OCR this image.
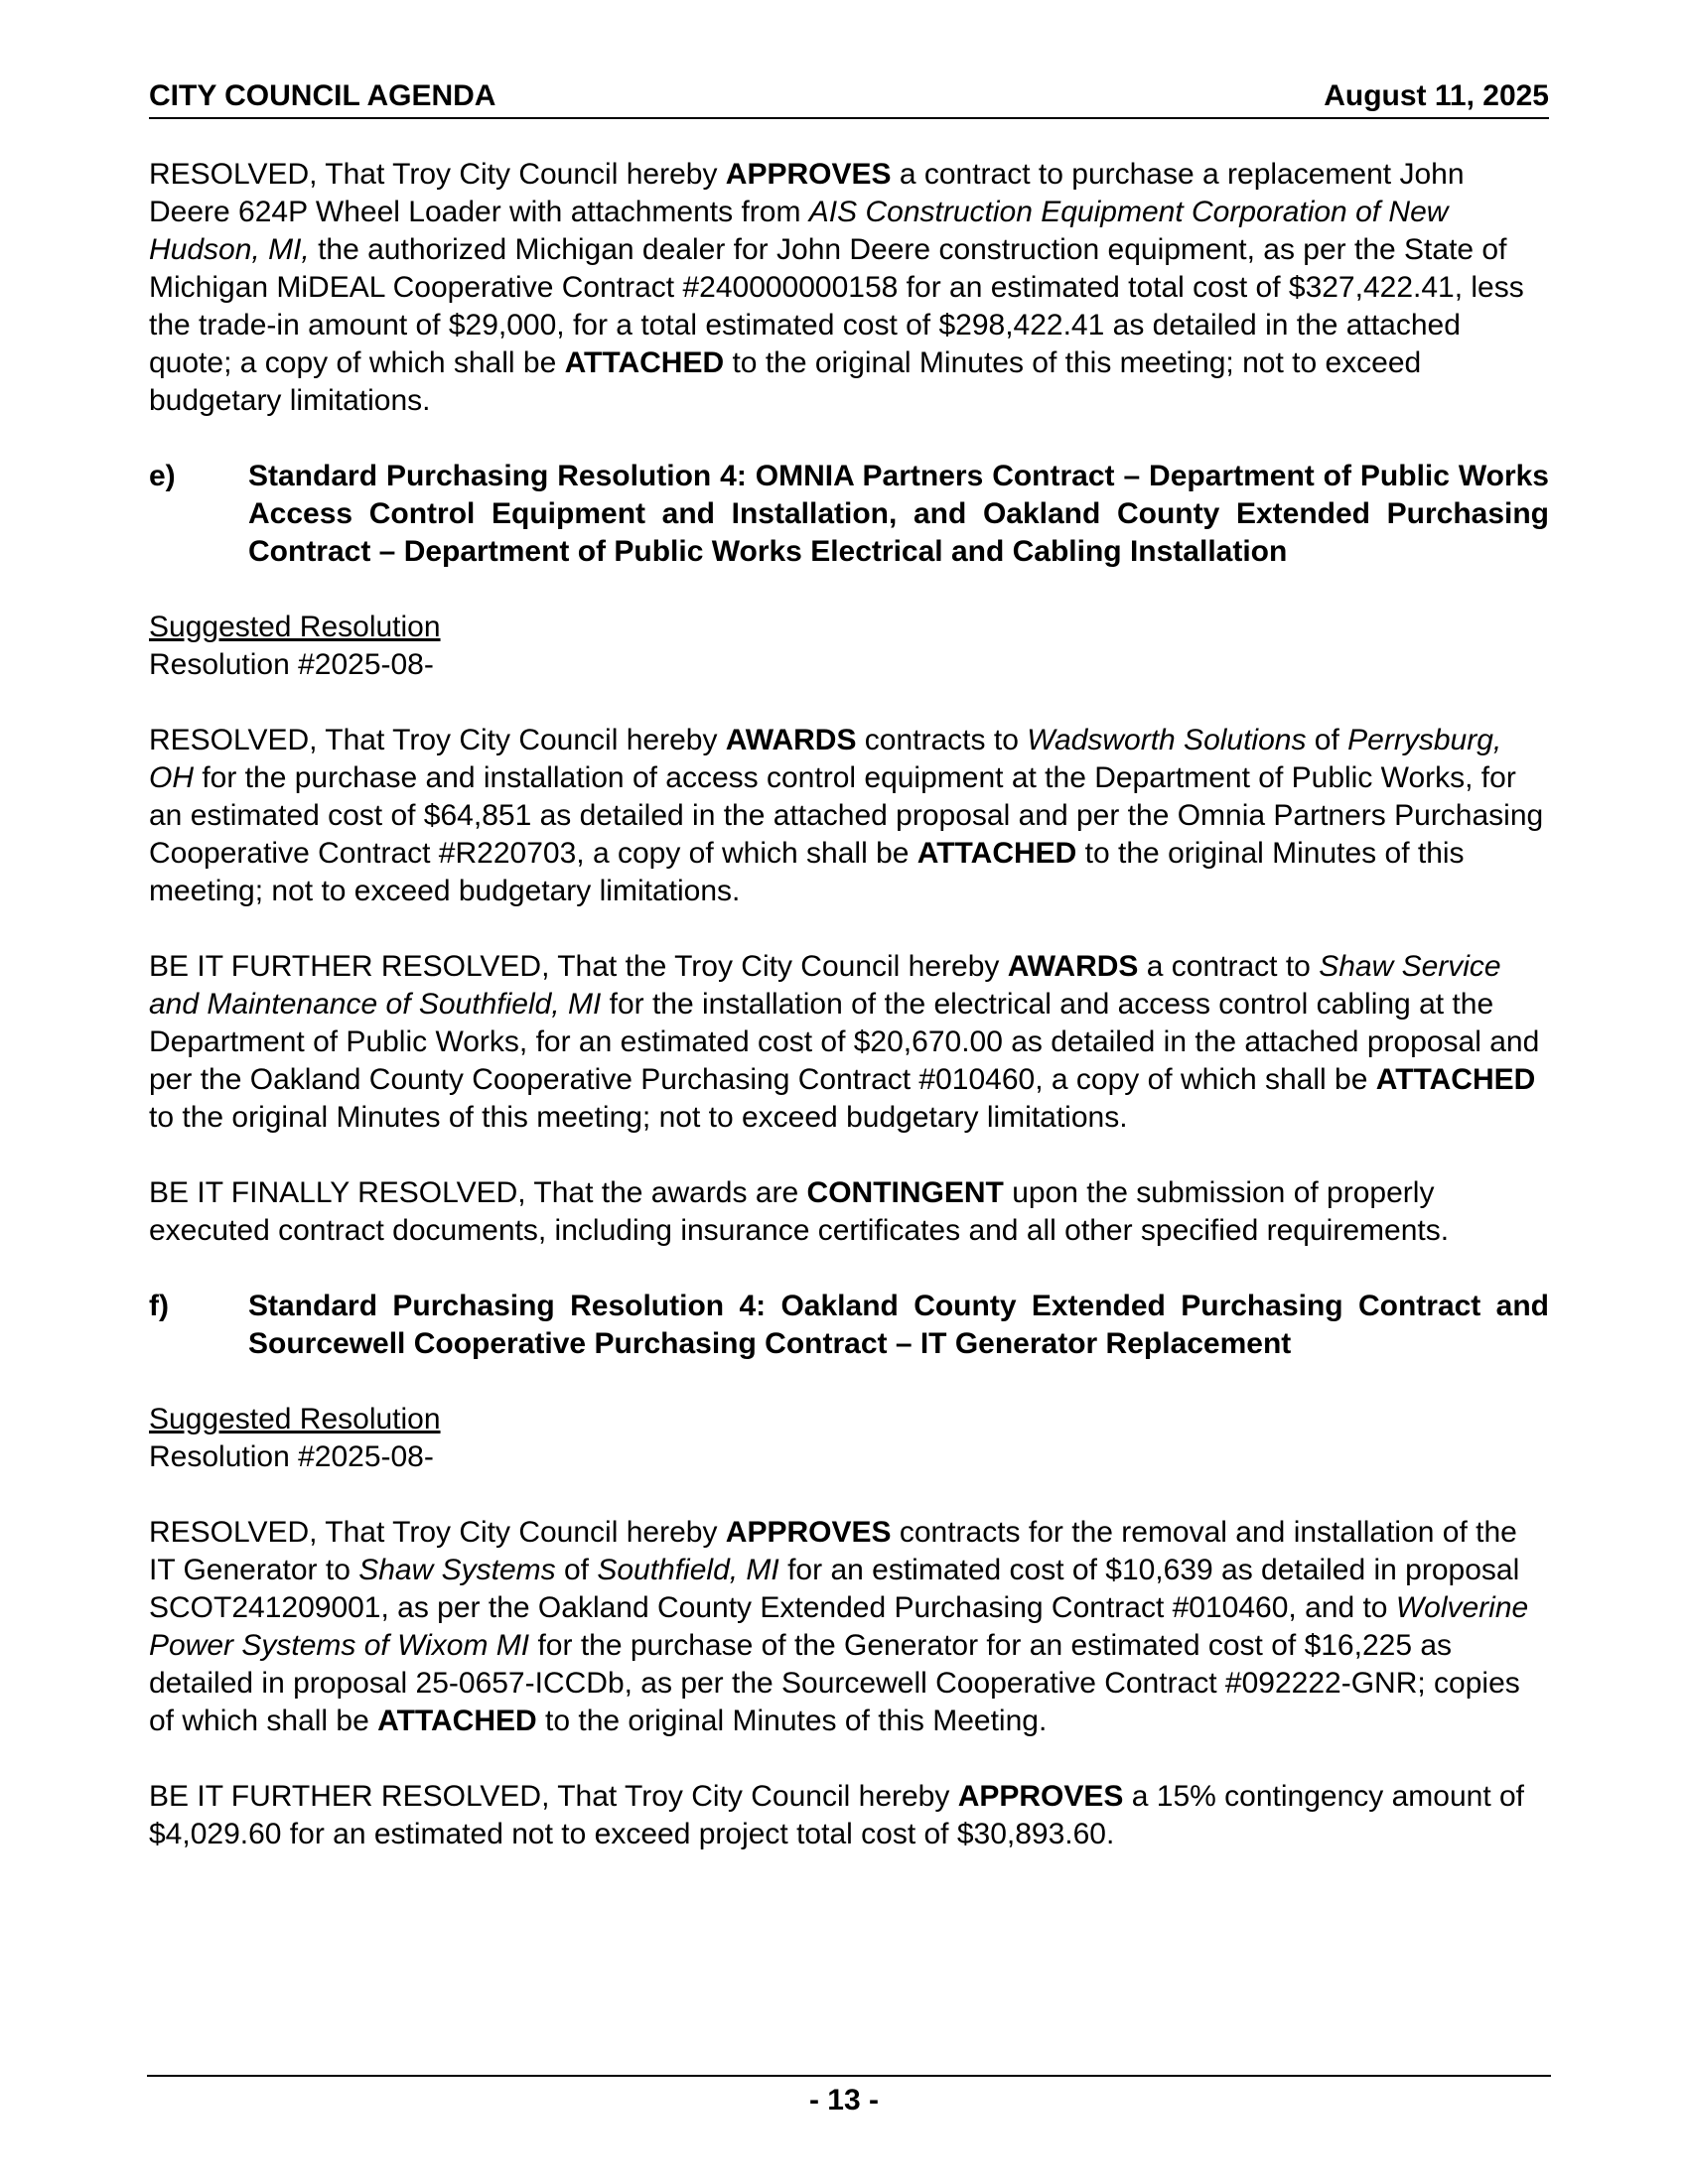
CITY COUNCIL AGENDA	August 11, 2025

RESOLVED, That Troy City Council hereby APPROVES a contract to purchase a replacement John Deere 624P Wheel Loader with attachments from AIS Construction Equipment Corporation of New Hudson, MI, the authorized Michigan dealer for John Deere construction equipment, as per the State of Michigan MiDEAL Cooperative Contract #240000000158 for an estimated total cost of $327,422.41, less the trade-in amount of $29,000, for a total estimated cost of $298,422.41 as detailed in the attached quote; a copy of which shall be ATTACHED to the original Minutes of this meeting; not to exceed budgetary limitations.

e)	Standard Purchasing Resolution 4: OMNIA Partners Contract – Department of Public Works Access Control Equipment and Installation, and Oakland County Extended Purchasing Contract – Department of Public Works Electrical and Cabling Installation

Suggested Resolution
Resolution #2025-08-

RESOLVED, That Troy City Council hereby AWARDS contracts to Wadsworth Solutions of Perrysburg, OH for the purchase and installation of access control equipment at the Department of Public Works, for an estimated cost of $64,851 as detailed in the attached proposal and per the Omnia Partners Purchasing Cooperative Contract #R220703, a copy of which shall be ATTACHED to the original Minutes of this meeting; not to exceed budgetary limitations.

BE IT FURTHER RESOLVED, That the Troy City Council hereby AWARDS a contract to Shaw Service and Maintenance of Southfield, MI for the installation of the electrical and access control cabling at the Department of Public Works, for an estimated cost of $20,670.00 as detailed in the attached proposal and per the Oakland County Cooperative Purchasing Contract #010460, a copy of which shall be ATTACHED to the original Minutes of this meeting; not to exceed budgetary limitations.

BE IT FINALLY RESOLVED, That the awards are CONTINGENT upon the submission of properly executed contract documents, including insurance certificates and all other specified requirements.

f)	Standard Purchasing Resolution 4: Oakland County Extended Purchasing Contract and Sourcewell Cooperative Purchasing Contract – IT Generator Replacement

Suggested Resolution
Resolution #2025-08-

RESOLVED, That Troy City Council hereby APPROVES contracts for the removal and installation of the IT Generator to Shaw Systems of Southfield, MI for an estimated cost of $10,639 as detailed in proposal SCOT241209001, as per the Oakland County Extended Purchasing Contract #010460, and to Wolverine Power Systems of Wixom MI for the purchase of the Generator for an estimated cost of $16,225 as detailed in proposal 25-0657-ICCDb, as per the Sourcewell Cooperative Contract #092222-GNR; copies of which shall be ATTACHED to the original Minutes of this Meeting.

BE IT FURTHER RESOLVED, That Troy City Council hereby APPROVES a 15% contingency amount of $4,029.60 for an estimated not to exceed project total cost of $30,893.60.

- 13 -
